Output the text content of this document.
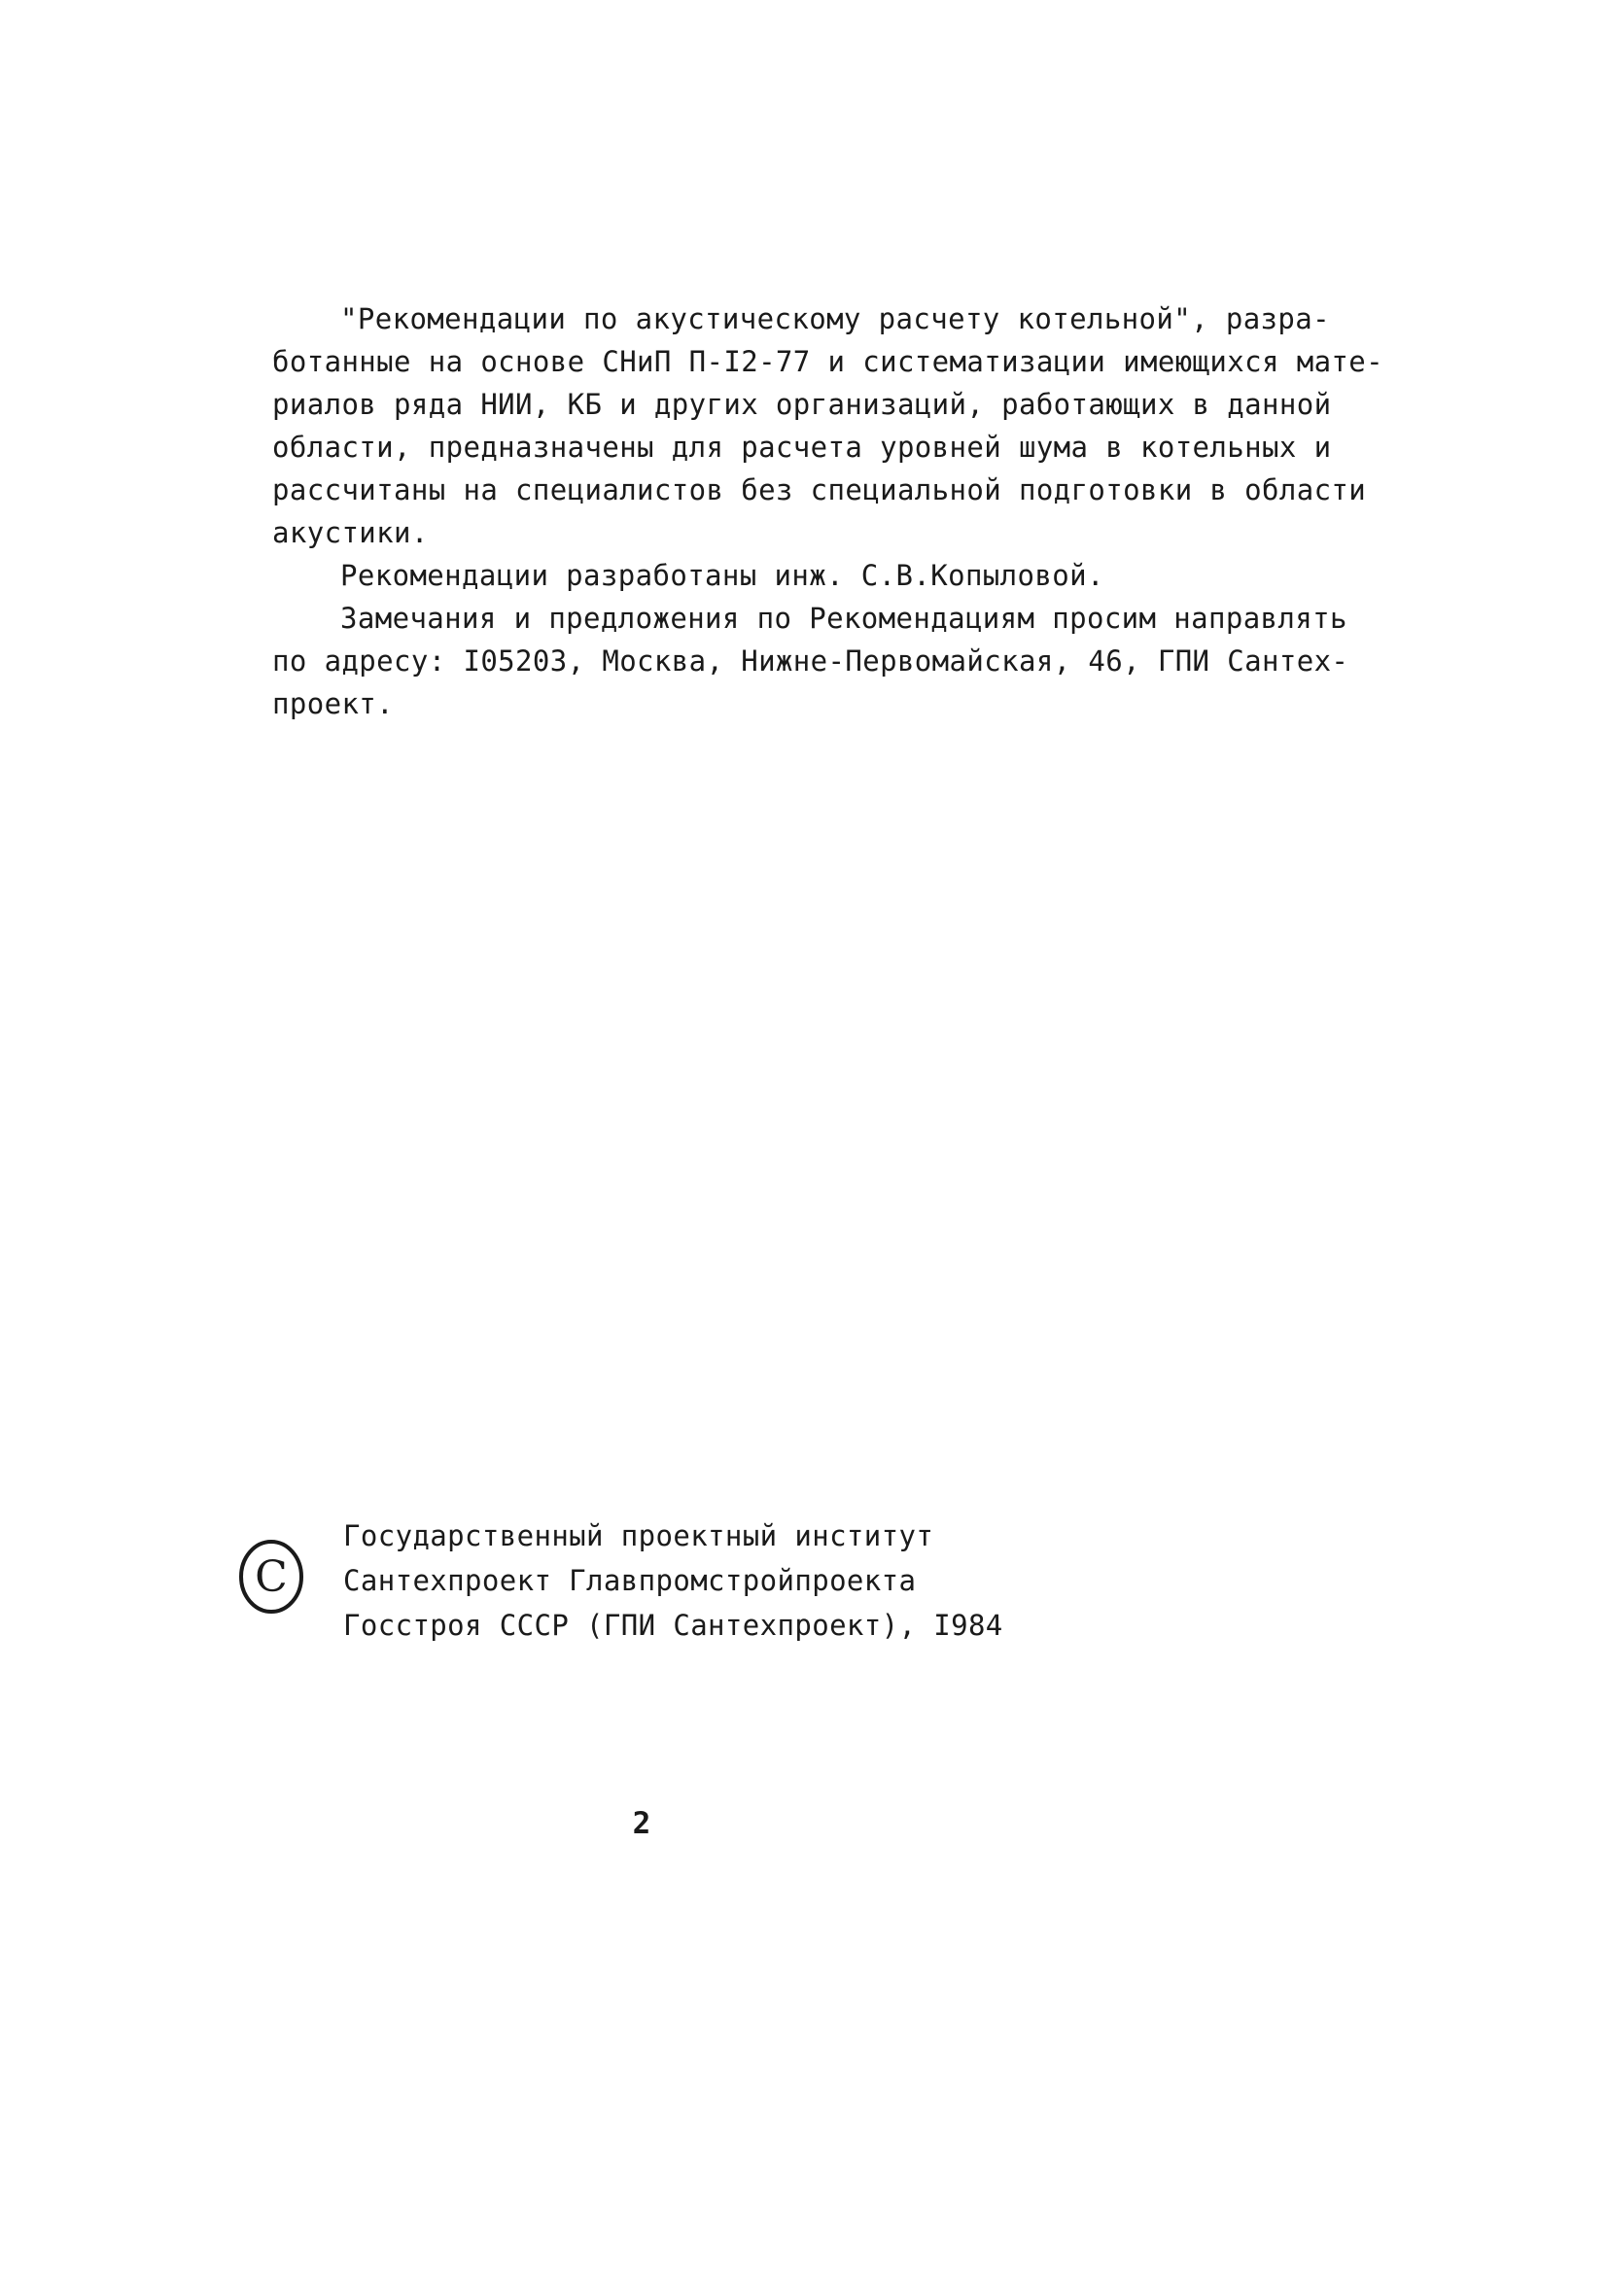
"Рекомендации по акустическому расчету котельной", разра-
ботанные на основе СНиП П-I2-77 и систематизации имеющихся мате-
риалов ряда НИИ, КБ и других организаций, работающих в данной
области, предназначены для расчета уровней шума в котельных и
рассчитаны на специалистов без специальной подготовки в области
акустики.
Рекомендации разработаны инж. С.В.Копыловой.
Замечания и предложения по Рекомендациям просим направлять
по адресу: I05203, Москва, Нижне-Первомайская, 46, ГПИ Сантех-
проект.
C
Государственный проектный институт
Сантехпроект Главпромстройпроекта
Госстроя СССР (ГПИ Сантехпроект), I984
2
